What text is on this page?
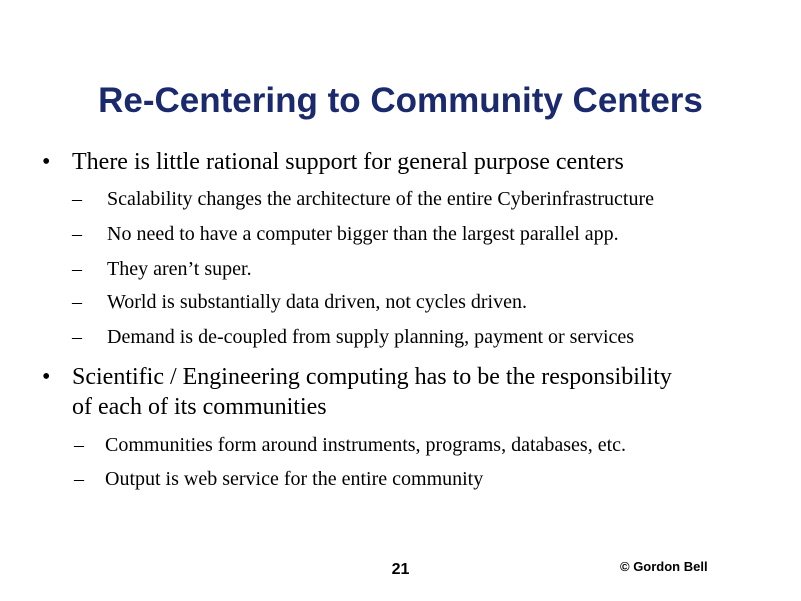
Re-Centering to Community Centers
• There is little rational support for general purpose centers
– Scalability changes the architecture of the entire Cyberinfrastructure
– No need to have a computer bigger than the largest parallel app.
– They aren’t super.
– World is substantially data driven, not cycles driven.
– Demand is de-coupled from supply planning, payment or services
• Scientific / Engineering computing has to be the responsibility
of each of its communities
– Communities form around instruments, programs, databases, etc.
– Output is web service for the entire community
21	© Gordon Bell
